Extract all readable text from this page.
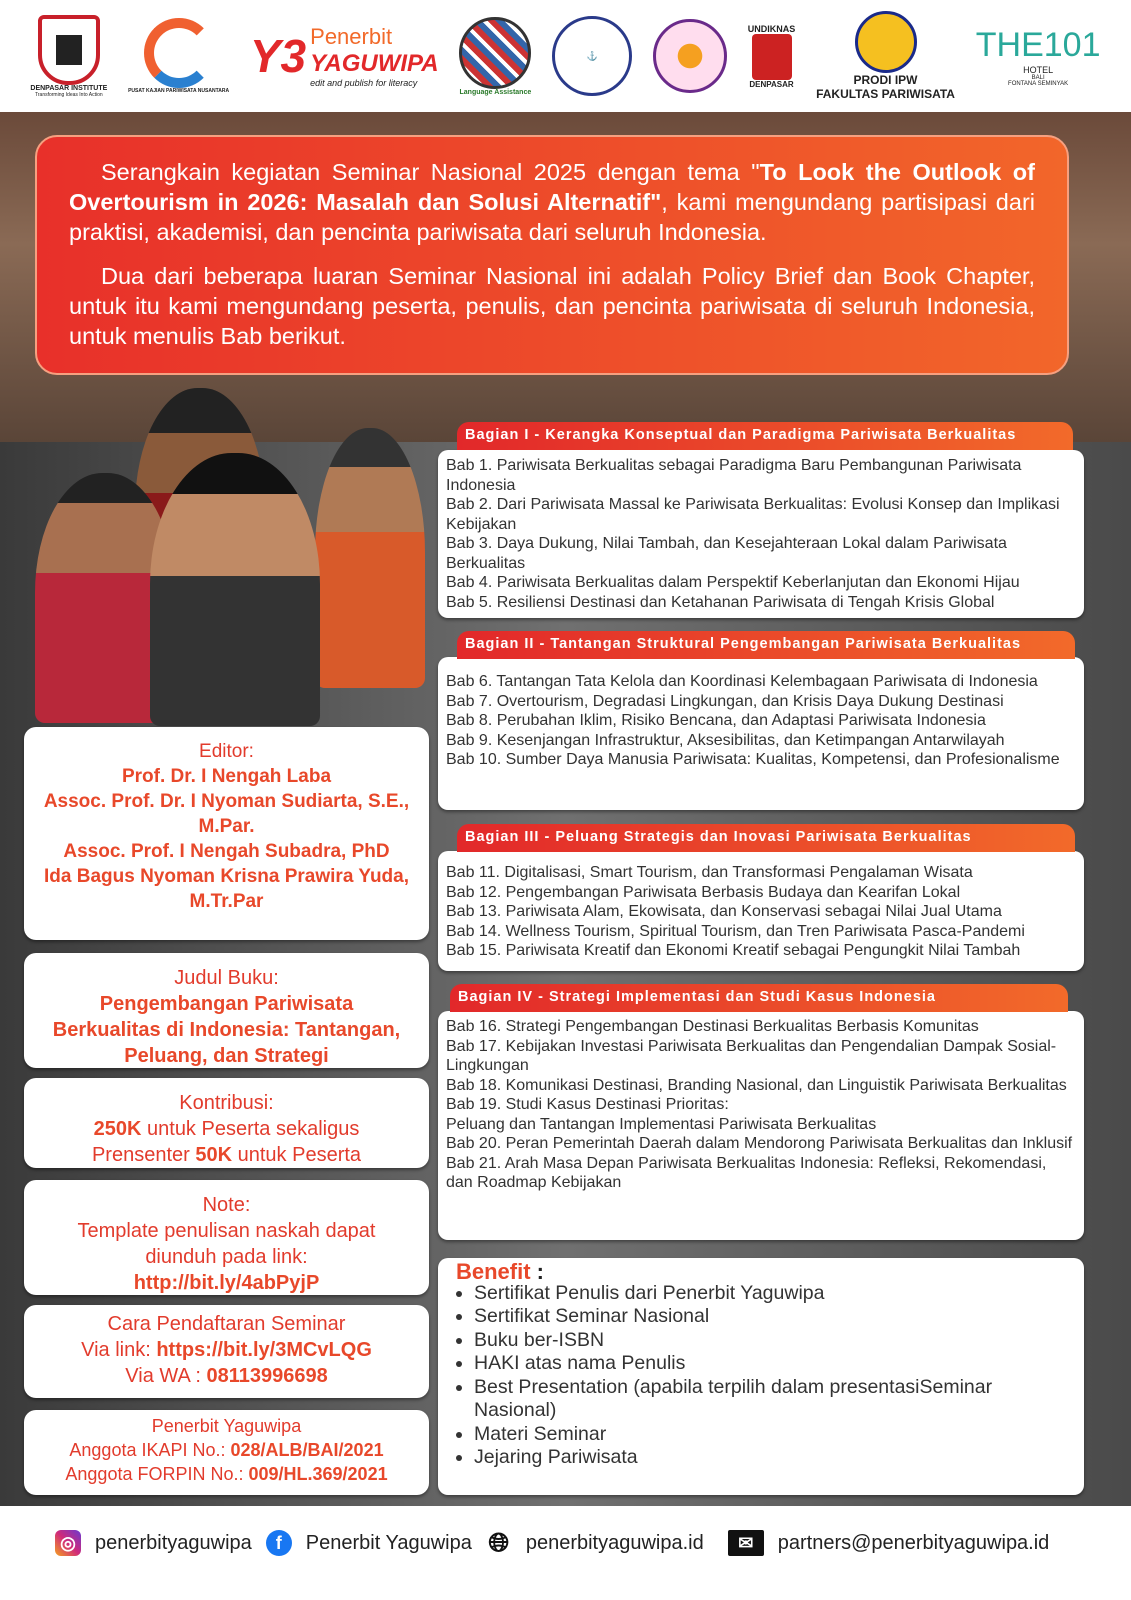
DENPASAR INSTITUTE
Transforming Ideas Into Action
PUSAT KAJIAN PARIWISATA NUSANTARA
Y3 Penerbit
YAGUWIPA
edit and publish for literacy
Language Assistance
⚓
UNDIKNAS
DENPASAR	PRODI IPW
FAKULTAS PARIWISATA
THE101
HOTEL
BALI
FONTANA SEMINYAK

Serangkain kegiatan Seminar Nasional 2025 dengan tema "To Look the Outlook of Overtourism in 2026: Masalah dan Solusi Alternatif", kami mengundang partisipasi dari praktisi, akademisi, dan pencinta pariwisata dari seluruh Indonesia.

Dua dari beberapa luaran Seminar Nasional ini adalah Policy Brief dan Book Chapter, untuk itu kami mengundang peserta, penulis, dan pencinta pariwisata di seluruh Indonesia, untuk menulis Bab berikut.

Editor:
Prof. Dr. I Nengah Laba
Assoc. Prof. Dr. I Nyoman Sudiarta, S.E., M.Par.
Assoc. Prof. I Nengah Subadra, PhD
Ida Bagus Nyoman Krisna Prawira Yuda, M.Tr.Par
Judul Buku:
Pengembangan Pariwisata Berkualitas di Indonesia: Tantangan, Peluang, dan Strategi
Kontribusi:
250K untuk Peserta sekaligus
Prensenter 50K untuk Peserta
Note:
Template penulisan naskah dapat diunduh pada link:
http://bit.ly/4abPyjP
Cara Pendaftaran Seminar
Via link: https://bit.ly/3MCvLQG
Via WA : 08113996698
Penerbit Yaguwipa
Anggota IKAPI No.: 028/ALB/BAI/2021
Anggota FORPIN No.: 009/HL.369/2021
Bagian I - Kerangka Konseptual dan Paradigma Pariwisata Berkualitas
Bab 1. Pariwisata Berkualitas sebagai Paradigma Baru Pembangunan Pariwisata Indonesia
Bab 2. Dari Pariwisata Massal ke Pariwisata Berkualitas: Evolusi Konsep dan Implikasi Kebijakan
Bab 3. Daya Dukung, Nilai Tambah, dan Kesejahteraan Lokal dalam Pariwisata Berkualitas
Bab 4. Pariwisata Berkualitas dalam Perspektif Keberlanjutan dan Ekonomi Hijau
Bab 5. Resiliensi Destinasi dan Ketahanan Pariwisata di Tengah Krisis Global
Bagian II - Tantangan Struktural Pengembangan Pariwisata Berkualitas
Bab 6. Tantangan Tata Kelola dan Koordinasi Kelembagaan Pariwisata di Indonesia
Bab 7. Overtourism, Degradasi Lingkungan, dan Krisis Daya Dukung Destinasi
Bab 8. Perubahan Iklim, Risiko Bencana, dan Adaptasi Pariwisata Indonesia
Bab 9. Kesenjangan Infrastruktur, Aksesibilitas, dan Ketimpangan Antarwilayah
Bab 10. Sumber Daya Manusia Pariwisata: Kualitas, Kompetensi, dan Profesionalisme
Bagian III - Peluang Strategis dan Inovasi Pariwisata Berkualitas
Bab 11. Digitalisasi, Smart Tourism, dan Transformasi Pengalaman Wisata
Bab 12. Pengembangan Pariwisata Berbasis Budaya dan Kearifan Lokal
Bab 13. Pariwisata Alam, Ekowisata, dan Konservasi sebagai Nilai Jual Utama
Bab 14. Wellness Tourism, Spiritual Tourism, dan Tren Pariwisata Pasca-Pandemi
Bab 15. Pariwisata Kreatif dan Ekonomi Kreatif sebagai Pengungkit Nilai Tambah
Bagian IV - Strategi Implementasi dan Studi Kasus Indonesia
Bab 16. Strategi Pengembangan Destinasi Berkualitas Berbasis Komunitas
Bab 17. Kebijakan Investasi Pariwisata Berkualitas dan Pengendalian Dampak Sosial-Lingkungan
Bab 18. Komunikasi Destinasi, Branding Nasional, dan Linguistik Pariwisata Berkualitas
Bab 19. Studi Kasus Destinasi Prioritas:
Peluang dan Tantangan Implementasi Pariwisata Berkualitas
Bab 20. Peran Pemerintah Daerah dalam Mendorong Pariwisata Berkualitas dan Inklusif
Bab 21. Arah Masa Depan Pariwisata Berkualitas Indonesia: Refleksi, Rekomendasi, dan Roadmap Kebijakan
Benefit :
• Sertifikat Penulis dari Penerbit Yaguwipa
• Sertifikat Seminar Nasional
• Buku ber-ISBN
• HAKI atas nama Penulis
• Best Presentation (apabila terpilih dalam presentasiSeminar Nasional)
• Materi Seminar
• Jejaring Pariwisata
◎ penerbityaguwipa	f	Penerbit Yaguwipa 🌐︎ penerbityaguwipa.id	✉︎	partners@penerbityaguwipa.id
